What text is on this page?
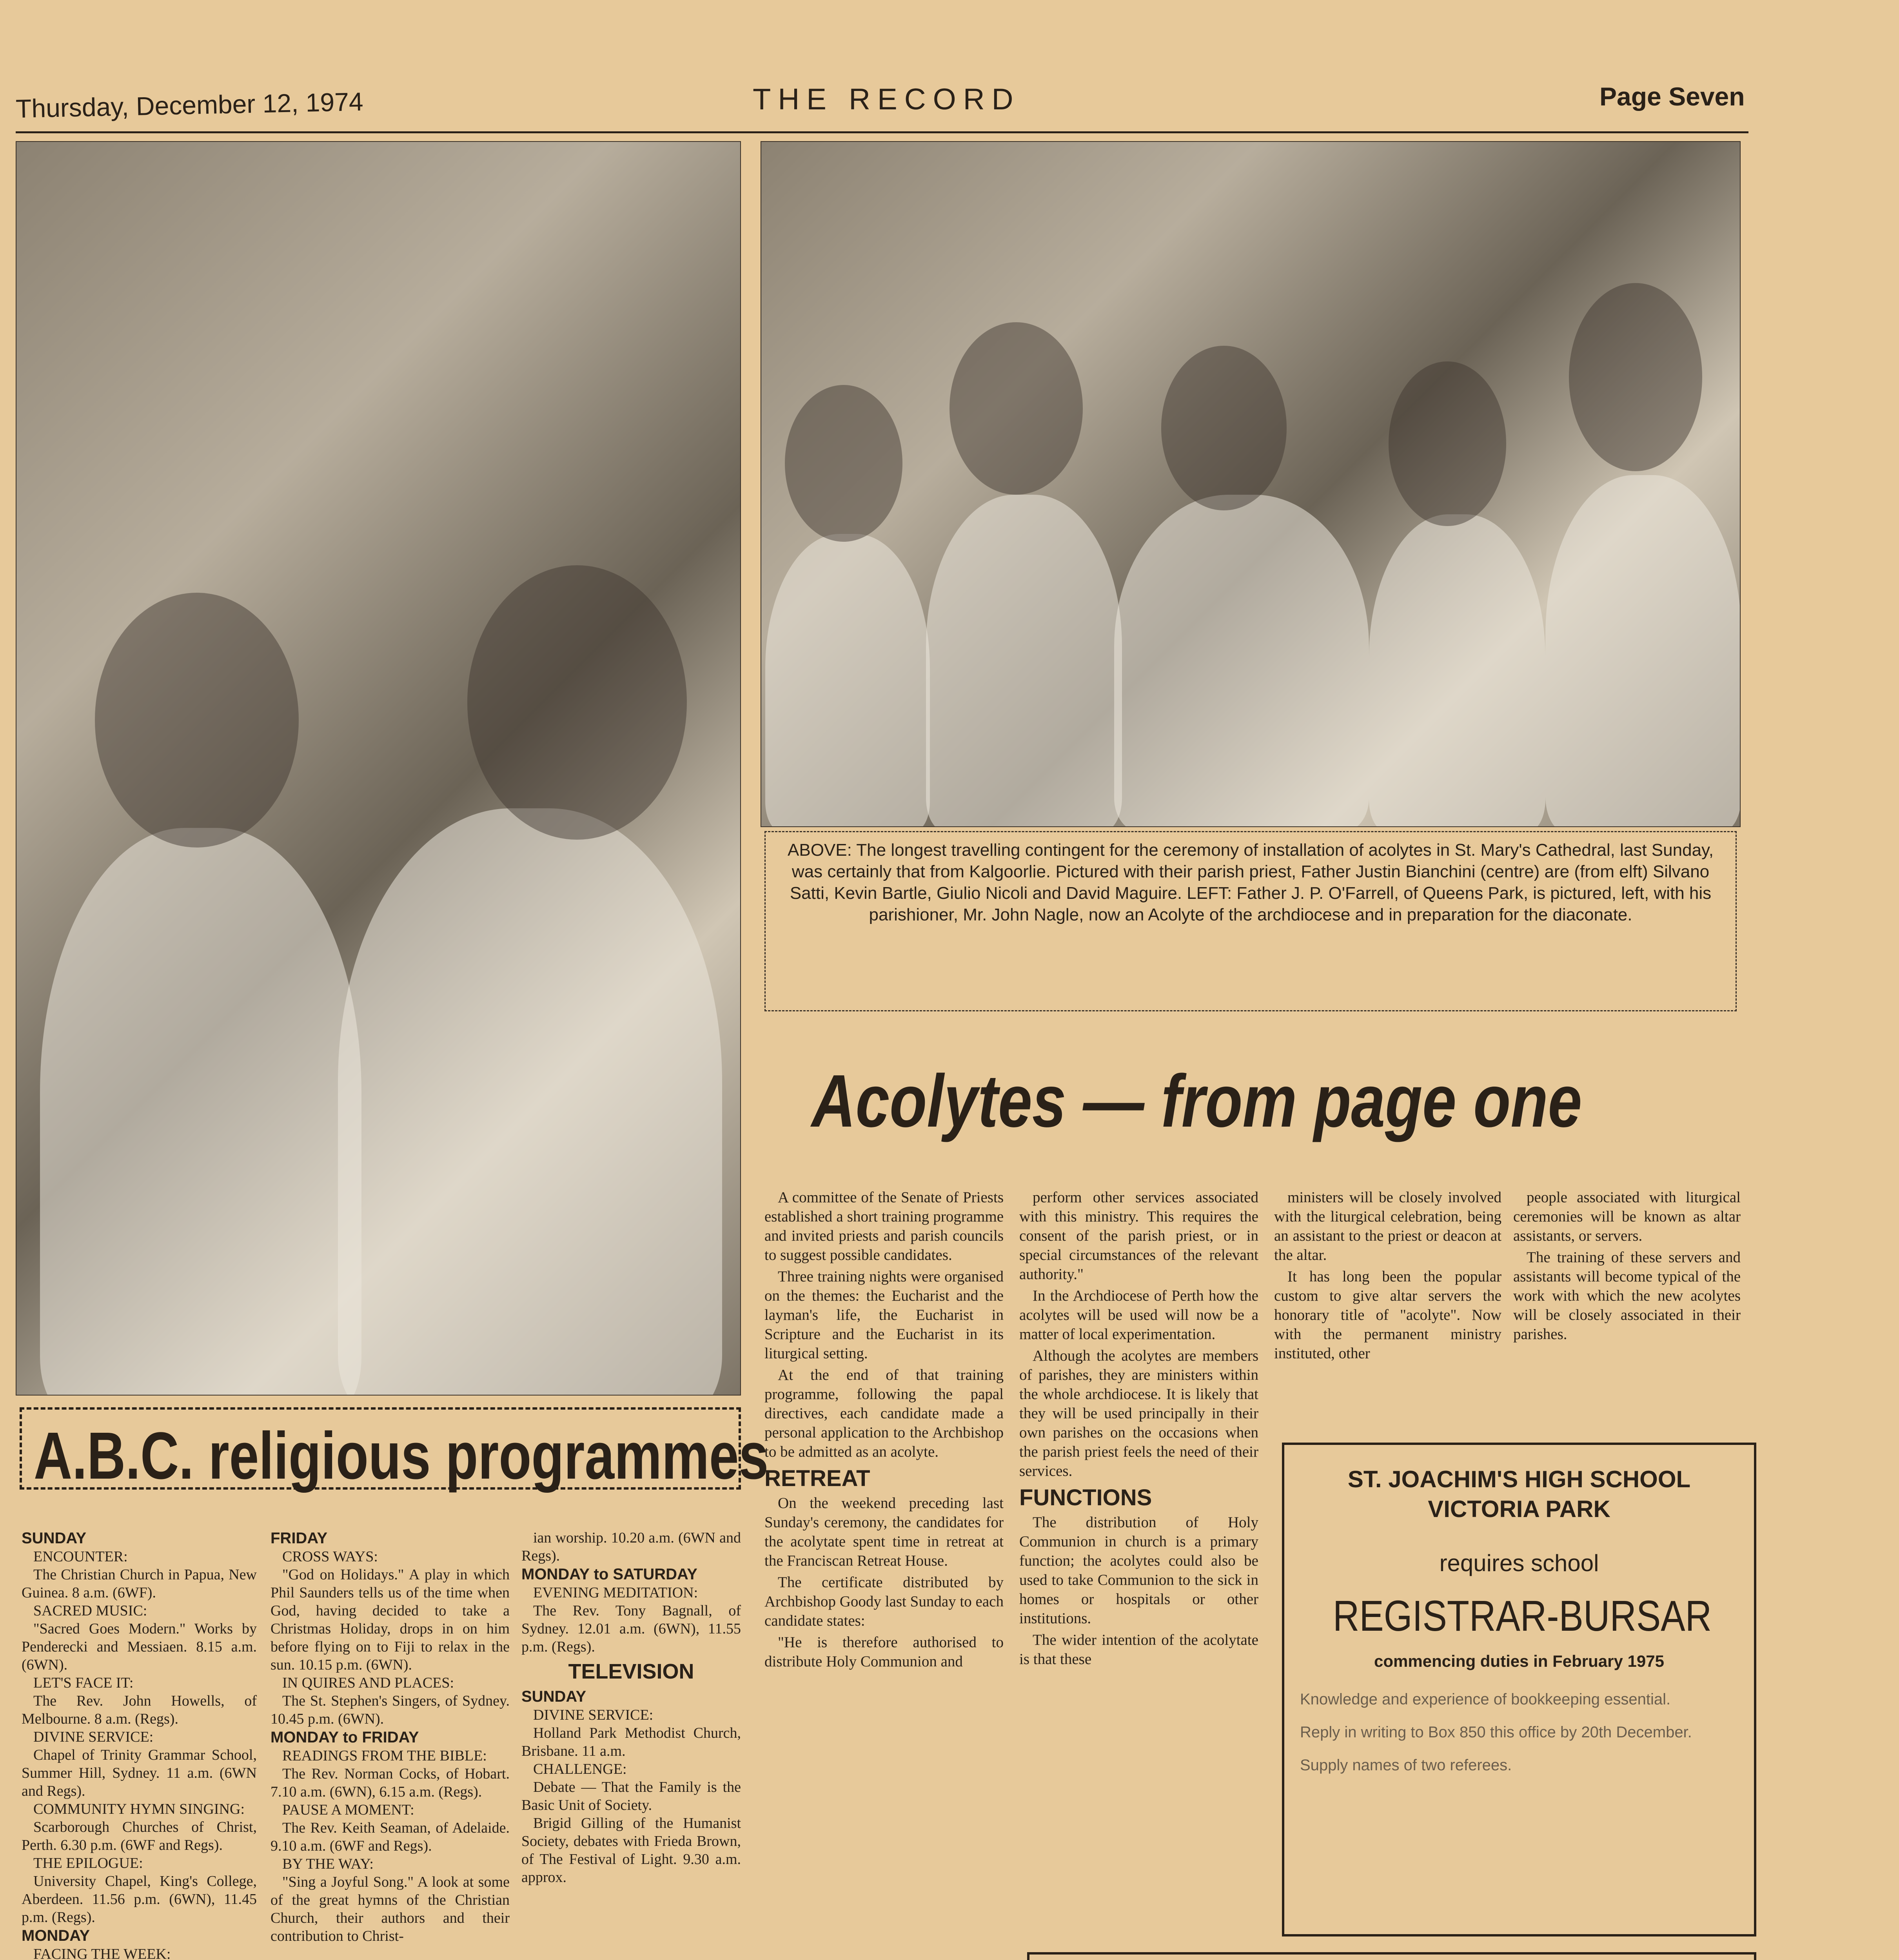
Thursday, December 12, 1974	THE RECORD	Page Seven
ABOVE: The longest travelling contingent for the ceremony of installation of acolytes in St. Mary's Cathedral, last Sunday, was certainly that from Kalgoorlie. Pictured with their parish priest, Father Justin Bianchini (centre) are (from elft) Silvano Satti, Kevin Bartle, Giulio Nicoli and David Maguire. LEFT: Father J. P. O'Farrell, of Queens Park, is pictured, left, with his parishioner, Mr. John Nagle, now an Acolyte of the archdiocese and in preparation for the diaconate.
Acolytes — from page one

A committee of the Senate of Priests established a short training programme and invited priests and parish councils to suggest possible candidates.

Three training nights were organised on the themes: the Eucharist and the layman's life, the Eucharist in Scripture and the Eucharist in its liturgical setting.

At the end of that training programme, following the papal directives, each candidate made a personal application to the Archbishop to be admitted as an acolyte.

RETREAT

On the weekend preceding last Sunday's ceremony, the candidates for the acolytate spent time in retreat at the Franciscan Retreat House.

The certificate distributed by Archbishop Goody last Sunday to each candidate states:

"He is therefore authorised to distribute Holy Communion and

perform other services associated with this ministry. This requires the consent of the parish priest, or in special circumstances of the relevant authority."

In the Archdiocese of Perth how the acolytes will be used will now be a matter of local experimentation.

Although the acolytes are members of parishes, they are ministers within the whole archdiocese. It is likely that they will be used principally in their own parishes on the occasions when the parish priest feels the need of their services.

FUNCTIONS

The distribution of Holy Communion in church is a primary function; the acolytes could also be used to take Communion to the sick in homes or hospitals or other institutions.

The wider intention of the acolytate is that these

ministers will be closely involved with the liturgical celebration, being an assistant to the priest or deacon at the altar.

It has long been the popular custom to give altar servers the honorary title of "acolyte". Now with the permanent ministry instituted, other

people associated with liturgical ceremonies will be known as altar assistants, or servers.

The training of these servers and assistants will become typical of the work with which the new acolytes will be closely associated in their parishes.

A.B.C. religious programmes
SUNDAY
ENCOUNTER:
The Christian Church in Papua, New Guinea. 8 a.m. (6WF).
SACRED MUSIC:
"Sacred Goes Modern." Works by Penderecki and Messiaen. 8.15 a.m. (6WN).
LET'S FACE IT:
The Rev. John Howells, of Melbourne. 8 a.m. (Regs).
DIVINE SERVICE:
Chapel of Trinity Grammar School, Summer Hill, Sydney. 11 a.m. (6WN and Regs).
COMMUNITY HYMN SINGING:
Scarborough Churches of Christ, Perth. 6.30 p.m. (6WF and Regs).
THE EPILOGUE:
University Chapel, King's College, Aberdeen. 11.56 p.m. (6WN), 11.45 p.m. (Regs).
MONDAY
FACING THE WEEK:
FRIDAY
CROSS WAYS:
"God on Holidays." A play in which Phil Saunders tells us of the time when God, having decided to take a Christmas Holiday, drops in on him before flying on to Fiji to relax in the sun. 10.15 p.m. (6WN).
IN QUIRES AND PLACES:
The St. Stephen's Singers, of Sydney. 10.45 p.m. (6WN).
MONDAY to FRIDAY
READINGS FROM THE BIBLE:
The Rev. Norman Cocks, of Hobart. 7.10 a.m. (6WN), 6.15 a.m. (Regs).
PAUSE A MOMENT:
The Rev. Keith Seaman, of Adelaide. 9.10 a.m. (6WF and Regs).
BY THE WAY:
"Sing a Joyful Song." A look at some of the great hymns of the Christian Church, their authors and their contribution to Christ-
ian worship. 10.20 a.m. (6WN and Regs).
MONDAY to SATURDAY
EVENING MEDITATION:
The Rev. Tony Bagnall, of Sydney. 12.01 a.m. (6WN), 11.55 p.m. (Regs).
TELEVISION
SUNDAY
DIVINE SERVICE:
Holland Park Methodist Church, Brisbane. 11 a.m.
CHALLENGE:
Debate — That the Family is the Basic Unit of Society.
Brigid Gilling of the Humanist Society, debates with Frieda Brown, of The Festival of Light. 9.30 a.m. approx.

ST. JOACHIM'S HIGH SCHOOL
VICTORIA PARK
requires school
REGISTRAR-BURSAR
commencing duties in February 1975
Knowledge and experience of bookkeeping essential.
Reply in writing to Box 850 this office by 20th December.
Supply names of two referees.
